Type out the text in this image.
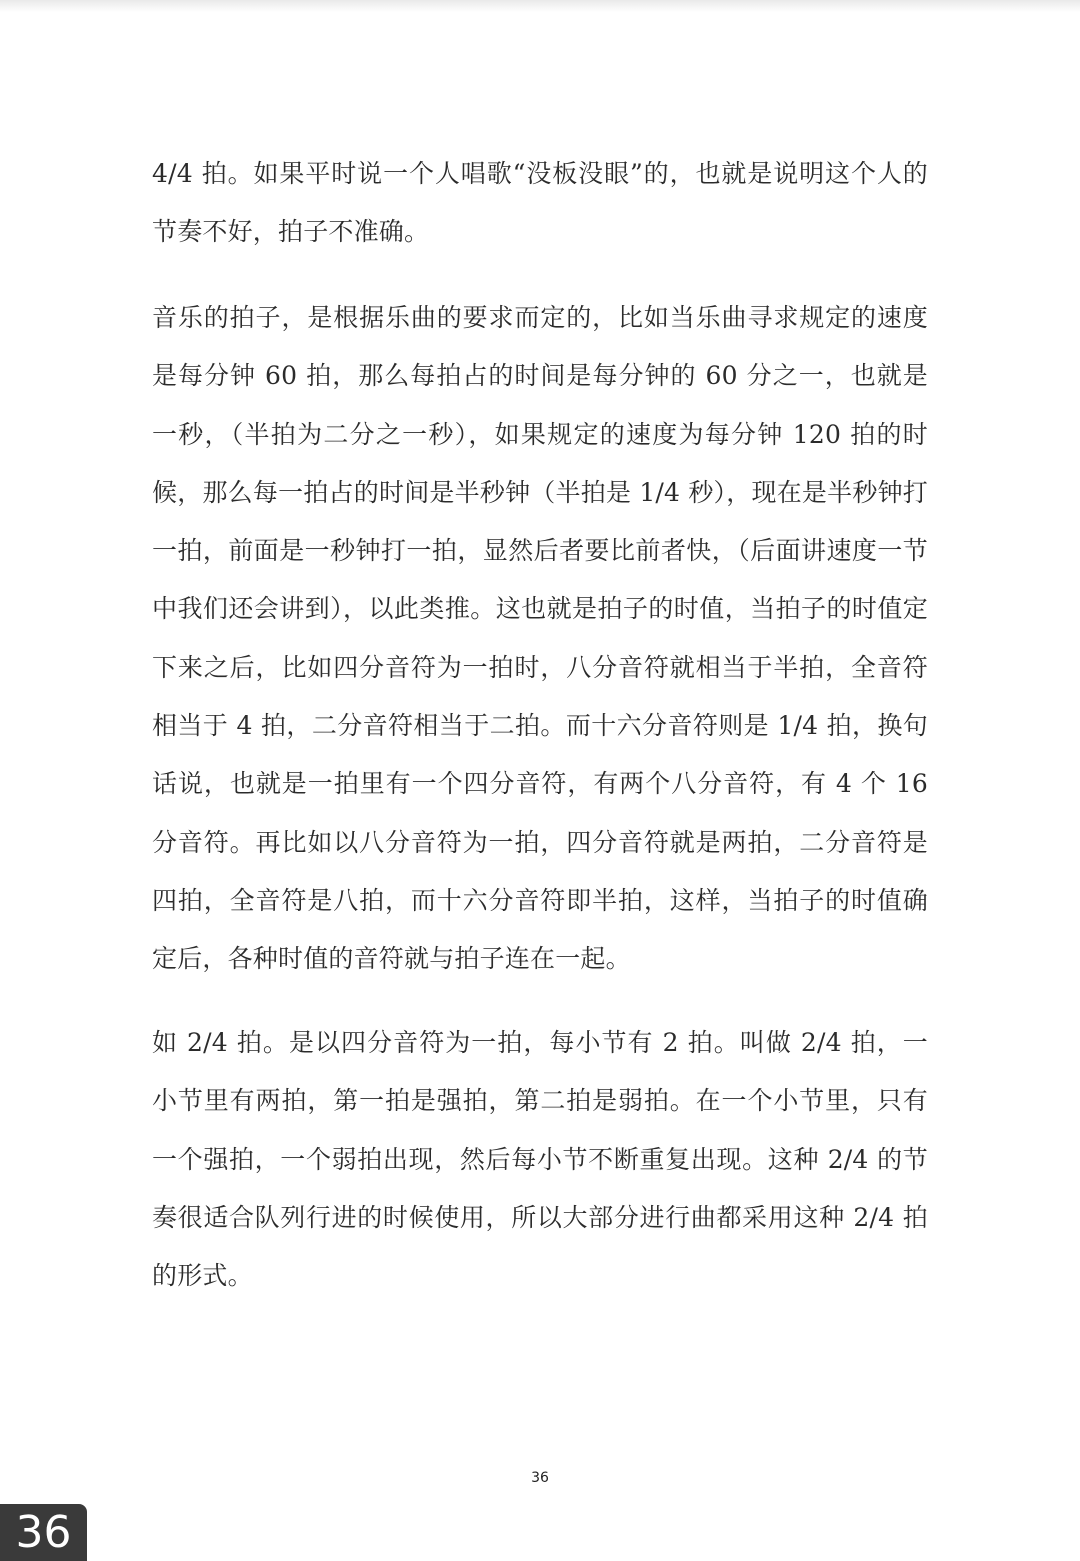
4/4 拍。如果平时说一个人唱歌“没板没眼”的，也就是说明这个人的节奏不好，拍子不准确。

音乐的拍子，是根据乐曲的要求而定的，比如当乐曲寻求规定的速度是每分钟 60 拍，那么每拍占的时间是每分钟的 60 分之一，也就是一秒，（半拍为二分之一秒），如果规定的速度为每分钟 120 拍的时候，那么每一拍占的时间是半秒钟（半拍是 1/4 秒），现在是半秒钟打一拍，前面是一秒钟打一拍，显然后者要比前者快，（后面讲速度一节中我们还会讲到），以此类推。这也就是拍子的时值，当拍子的时值定下来之后，比如四分音符为一拍时，八分音符就相当于半拍，全音符相当于 4 拍，二分音符相当于二拍。而十六分音符则是 1/4 拍，换句话说，也就是一拍里有一个四分音符，有两个八分音符，有 4 个 16 分音符。再比如以八分音符为一拍，四分音符就是两拍，二分音符是四拍，全音符是八拍，而十六分音符即半拍，这样，当拍子的时值确定后，各种时值的音符就与拍子连在一起。

如 2/4 拍。是以四分音符为一拍，每小节有 2 拍。叫做 2/4 拍，一小节里有两拍，第一拍是强拍，第二拍是弱拍。在一个小节里，只有一个强拍，一个弱拍出现，然后每小节不断重复出现。这种 2/4 的节奏很适合队列行进的时候使用，所以大部分进行曲都采用这种 2/4 拍的形式。

36
36
